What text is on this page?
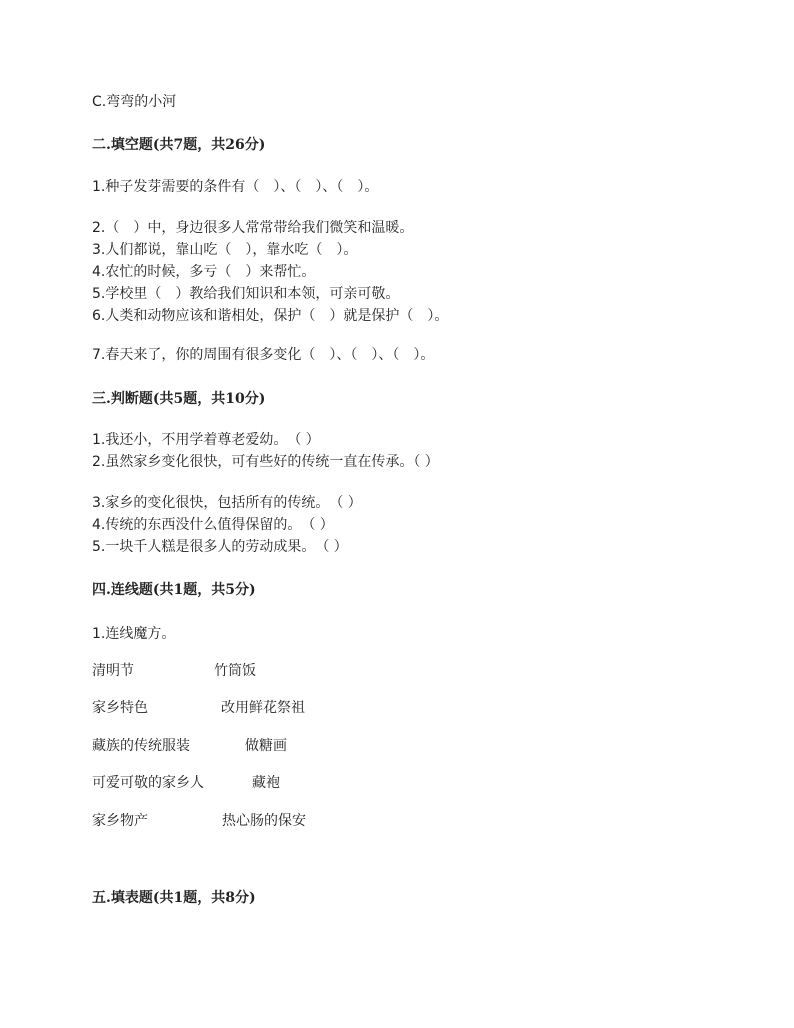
C.弯弯的小河
二.填空题(共7题，共26分)
1.种子发芽需要的条件有（　）、（　）、（　）。
2.（　）中，身边很多人常常带给我们微笑和温暖。
3.人们都说，靠山吃（　），靠水吃（　）。
4.农忙的时候，多亏（　）来帮忙。
5.学校里（　）教给我们知识和本领，可亲可敬。
6.人类和动物应该和谐相处，保护（　）就是保护（　）。
7.春天来了，你的周围有很多变化（　）、（　）、（　）。
三.判断题(共5题，共10分)
1.我还小，不用学着尊老爱幼。　（ ）
2.虽然家乡变化很快，可有些好的传统一直在传承。（ ）
3.家乡的变化很快，包括所有的传统。　（ ）
4.传统的东西没什么值得保留的。　（ ）
5.一块千人糕是很多人的劳动成果。　（ ）
四.连线题(共1题，共5分)
1.连线魔方。
清明节	竹筒饭
家乡特色	改用鲜花祭祖
藏族的传统服装	做糖画
可爱可敬的家乡人	藏袍
家乡物产	热心肠的保安
五.填表题(共1题，共8分)
